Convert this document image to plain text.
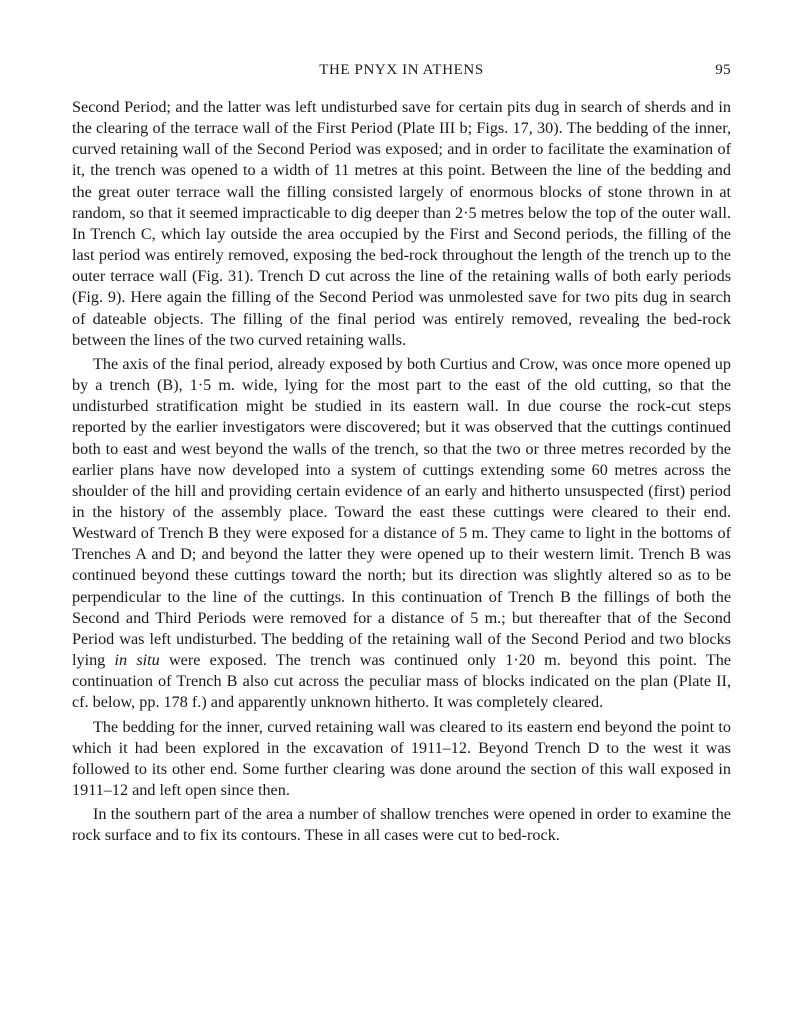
THE PNYX IN ATHENS	95

Second Period; and the latter was left undisturbed save for certain pits dug in search of sherds and in the clearing of the terrace wall of the First Period (Plate III b; Figs. 17, 30). The bedding of the inner, curved retaining wall of the Second Period was exposed; and in order to facilitate the examination of it, the trench was opened to a width of 11 metres at this point. Between the line of the bedding and the great outer terrace wall the filling consisted largely of enormous blocks of stone thrown in at random, so that it seemed impracticable to dig deeper than 2·5 metres below the top of the outer wall. In Trench C, which lay outside the area occupied by the First and Second periods, the filling of the last period was entirely removed, exposing the bed-rock throughout the length of the trench up to the outer terrace wall (Fig. 31). Trench D cut across the line of the retaining walls of both early periods (Fig. 9). Here again the filling of the Second Period was unmolested save for two pits dug in search of dateable objects. The filling of the final period was entirely removed, revealing the bed-rock between the lines of the two curved retaining walls.

The axis of the final period, already exposed by both Curtius and Crow, was once more opened up by a trench (B), 1·5 m. wide, lying for the most part to the east of the old cutting, so that the undisturbed stratification might be studied in its eastern wall. In due course the rock-cut steps reported by the earlier investigators were discovered; but it was observed that the cuttings continued both to east and west beyond the walls of the trench, so that the two or three metres recorded by the earlier plans have now developed into a system of cuttings extending some 60 metres across the shoulder of the hill and providing certain evidence of an early and hitherto unsuspected (first) period in the history of the assembly place. Toward the east these cuttings were cleared to their end. Westward of Trench B they were exposed for a distance of 5 m. They came to light in the bottoms of Trenches A and D; and beyond the latter they were opened up to their western limit. Trench B was continued beyond these cuttings toward the north; but its direction was slightly altered so as to be perpendicular to the line of the cuttings. In this continuation of Trench B the fillings of both the Second and Third Periods were removed for a distance of 5 m.; but thereafter that of the Second Period was left undisturbed. The bedding of the retaining wall of the Second Period and two blocks lying in situ were exposed. The trench was continued only 1·20 m. beyond this point. The continuation of Trench B also cut across the peculiar mass of blocks indicated on the plan (Plate II, cf. below, pp. 178 f.) and apparently unknown hitherto. It was completely cleared.

The bedding for the inner, curved retaining wall was cleared to its eastern end beyond the point to which it had been explored in the excavation of 1911–12. Beyond Trench D to the west it was followed to its other end. Some further clearing was done around the section of this wall exposed in 1911–12 and left open since then.

In the southern part of the area a number of shallow trenches were opened in order to examine the rock surface and to fix its contours. These in all cases were cut to bed-rock.
